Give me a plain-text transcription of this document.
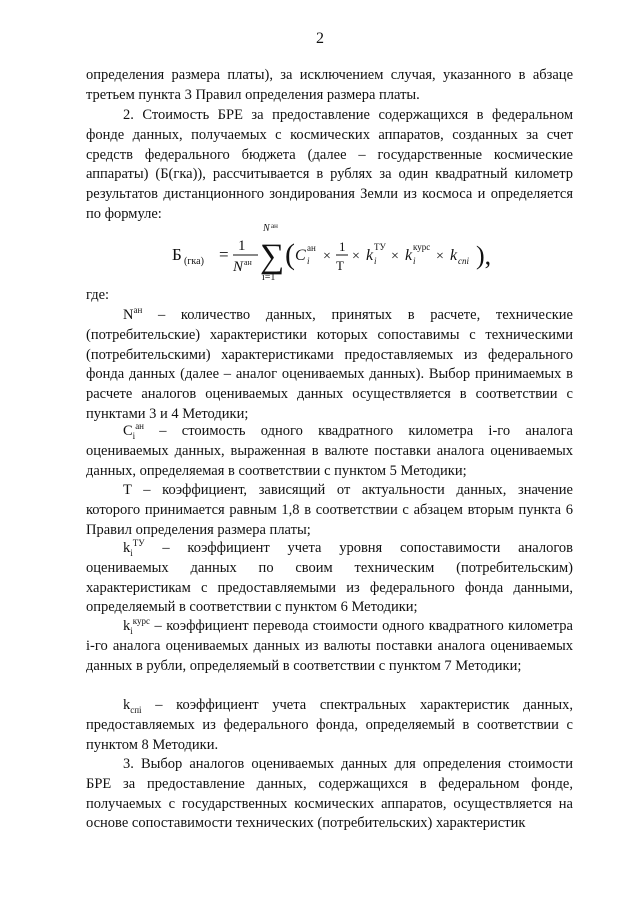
2
определения размера платы), за исключением случая, указанного в абзаце третьем пункта 3 Правил определения размера платы.
2. Стоимость БРЕ за предоставление содержащихся в федеральном фонде данных, получаемых с космических аппаратов, созданных за счет средств федерального бюджета (далее – государственные космические аппараты) (Б(гка)), рассчитывается в рублях за один квадратный километр результатов дистанционного зондирования Земли из космоса и определяется по формуле:
Б (гка) = 1
N ан
N ан
∑
i=1
( C i
ан
×
1
T
× k i
ТУ
× k i
курс
× k спi ),
где:
$N^{ан}$ – количество данных, принятых в расчете, технические (потребительские) характеристики которых сопоставимы с техническими (потребительскими) характеристиками предоставляемых из федерального фонда данных (далее – аналог оцениваемых данных). Выбор принимаемых в расчете аналогов оцениваемых данных осуществляется в соответствии с пунктами 3 и 4 Методики;
$C_i^{ан}$ – стоимость одного квадратного километра i-го аналога оцениваемых данных, выраженная в валюте поставки аналога оцениваемых данных, определяемая в соответствии с пунктом 5 Методики;
T – коэффициент, зависящий от актуальности данных, значение которого принимается равным 1,8 в соответствии с абзацем вторым пункта 6 Правил определения размера платы;
$k_i^{ТУ}$ – коэффициент учета уровня сопоставимости аналогов оцениваемых данных по своим техническим (потребительским) характеристикам с предоставляемыми из федерального фонда данными, определяемый в соответствии с пунктом 6 Методики;
$k_i^{курс}$ – коэффициент перевода стоимости одного квадратного километра i-го аналога оцениваемых данных из валюты поставки аналога оцениваемых данных в рубли, определяемый в соответствии с пунктом 7 Методики;
$k_{спi}$ – коэффициент учета спектральных характеристик данных, предоставляемых из федерального фонда, определяемый в соответствии с пунктом 8 Методики.
3. Выбор аналогов оцениваемых данных для определения стоимости БРЕ за предоставление данных, содержащихся в федеральном фонде, получаемых с государственных космических аппаратов, осуществляется на основе сопоставимости технических (потребительских) характеристик
